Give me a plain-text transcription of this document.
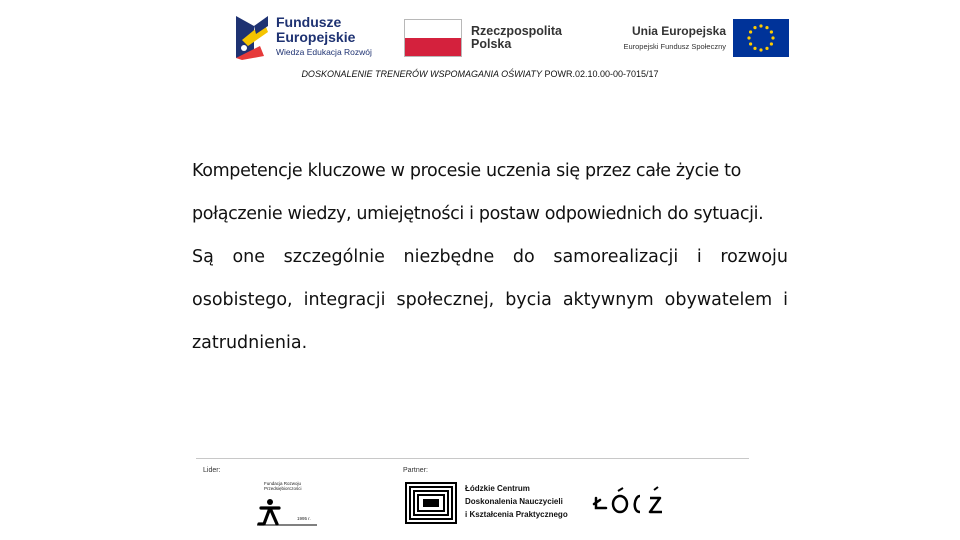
Fundusze
Europejskie
Wiedza Edukacja Rozwój
Rzeczpospolita
Polska
Unia Europejska
Europejski Fundusz Społeczny
DOSKONALENIE TRENERÓW WSPOMAGANIA OŚWIATY POWR.02.10.00-00-7015/17

Kompetencje kluczowe w procesie uczenia się przez całe życie to połączenie wiedzy, umiejętności i postaw odpowiednich do sytuacji.

Są one szczególnie niezbędne do samorealizacji i rozwoju osobistego, integracji społecznej, bycia aktywnym obywatelem i zatrudnienia.

Lider:	Partner:
Fundacja Rozwoju Przedsiębiorczości
1995 r.
Łódzkie Centrum
Doskonalenia Nauczycieli
i Kształcenia Praktycznego
